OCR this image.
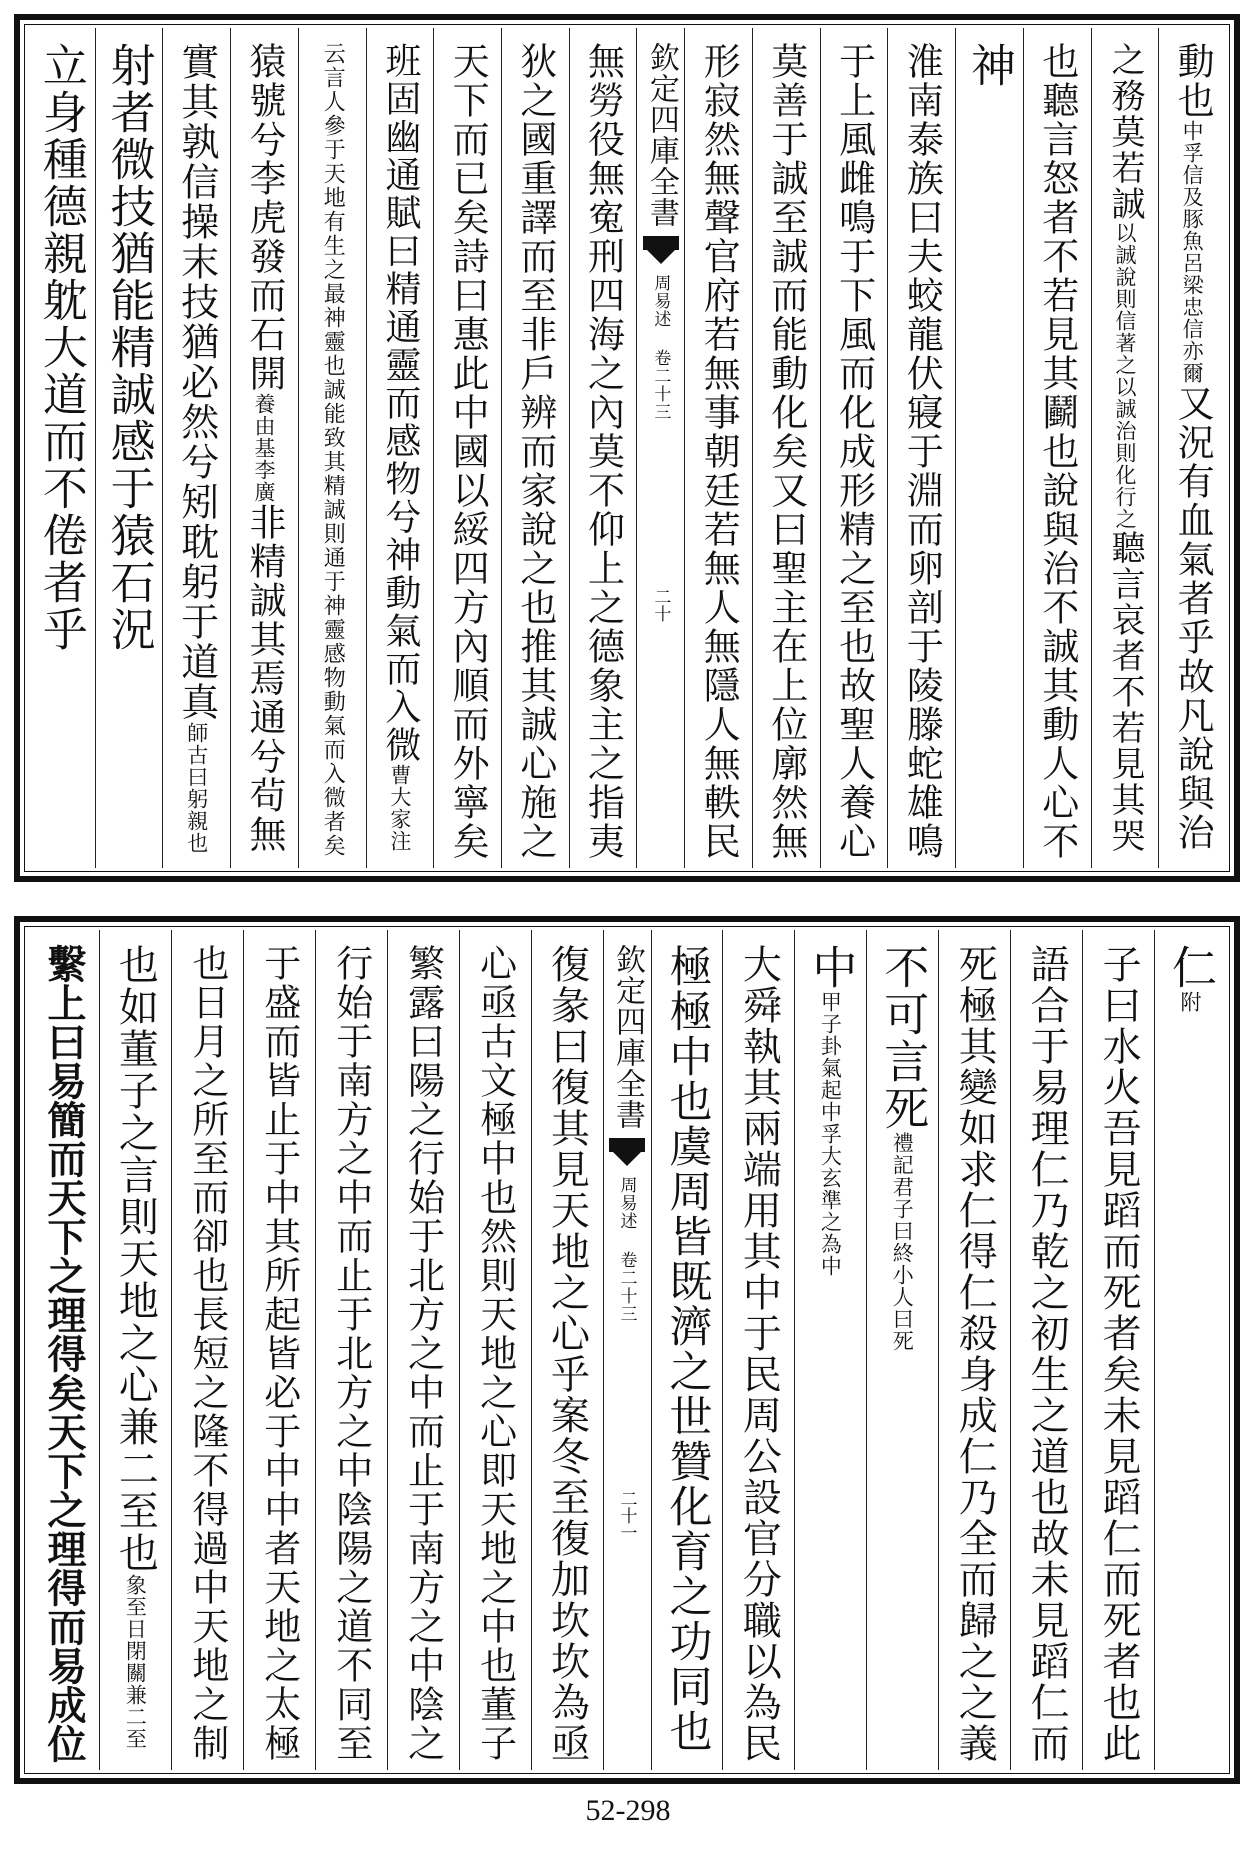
動也中孚信及豚魚呂梁忠信亦爾又況有血氣者乎故凡說與治
之務莫若誠以誠說則信著之以誠治則化行之聽言哀者不若見其哭
也聽言怒者不若見其鬬也說與治不誠其動人心不
神
淮南泰族曰夫蛟龍伏寢于淵而卵剖于陵滕蛇雄鳴
于上風雌鳴于下風而化成形精之至也故聖人養心
莫善于誠至誠而能動化矣又曰聖主在上位廓然無
形寂然無聲官府若無事朝廷若無人無隱人無軼民
欽定四庫全書
周易述 卷二十三
二十
無勞役無寃刑四海之內莫不仰上之德象主之指夷
狄之國重譯而至非戶辨而家說之也推其誠心施之
天下而已矣詩曰惠此中國以綏四方內順而外寧矣
班固幽通賦曰精通靈而感物兮神動氣而入微曹大家注
云言人參于天地有生之最神靈也誠能致其精誠則通于神靈感物動氣而入微者矣
猿號兮李虎發而石開養由基李廣非精誠其焉通兮茍無
實其孰信操末技猶必然兮矧耽躬于道真師古曰躬親也
射者微技猶能精誠感于猿石況
立身種德親躭大道而不倦者乎
仁附
子曰水火吾見蹈而死者矣未見蹈仁而死者也此
語合于易理仁乃乾之初生之道也故未見蹈仁而
死極其變如求仁得仁殺身成仁乃全而歸之之義
不可言死禮記君子曰終小人曰死
中甲子卦氣起中孚大玄準之為中
大舜執其兩端用其中于民周公設官分職以為民
極極中也虞周皆既濟之世贊化育之功同也
欽定四庫全書
周易述 卷二十三
二十一
復彖曰復其見天地之心乎案冬至復加坎坎為亟
心亟古文極中也然則天地之心即天地之中也董子
繁露曰陽之行始于北方之中而止于南方之中陰之
行始于南方之中而止于北方之中陰陽之道不同至
于盛而皆止于中其所起皆必于中中者天地之太極
也日月之所至而卻也長短之隆不得過中天地之制
也如董子之言則天地之心兼二至也象至日閉關兼二至
繫上曰易簡而天下之理得矣天下之理得而易成位
52-298
